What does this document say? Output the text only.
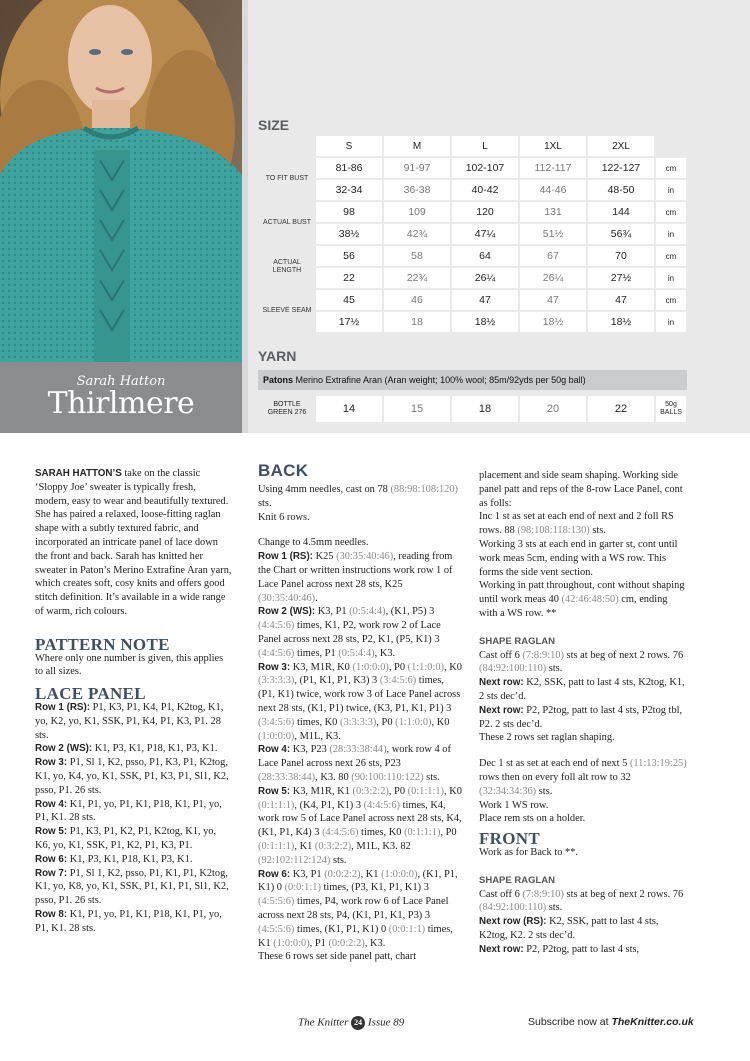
Sarah Hatton
Thirlmere
SIZE
	S	M	L	1XL	2XL	
TO FIT BUST	81-86	91-97	102-107	112-117	122-127	cm
	32-34	36-38	40-42	44-46	48-50	in
ACTUAL BUST	98	109	120	131	144	cm
	38½	42¾	47¼	51½	56¾	in
ACTUAL LENGTH	56	58	64	67	70	cm
	22	22¾	26¼	26¼	27½	in
SLEEVE SEAM	45	46	47	47	47	cm
	17½	18	18½	18½	18½	in
YARN
Patons Merino Extrafine Aran (Aran weight; 100% wool; 85m/92yds per 50g ball)
BOTTLE GREEN 276	14	15	18	20	22	50g BALLS

SARAH HATTON’S take on the classic ‘Sloppy Joe’ sweater is typically fresh, modern, easy to wear and beautifully textured. She has paired a relaxed, loose-fitting raglan shape with a subtly textured fabric, and incorporated an intricate panel of lace down the front and back. Sarah has knitted her sweater in Paton’s Merino Extrafine Aran yarn, which creates soft, cosy knits and offers good stitch definition. It’s available in a wide range of warm, rich colours.

PATTERN NOTE

Where only one number is given, this applies to all sizes.

LACE PANEL

Row 1 (RS): P1, K3, P1, K4, P1, K2tog, K1, yo, K2, yo, K1, SSK, P1, K4, P1, K3, P1. 28 sts.

Row 2 (WS): K1, P3, K1, P18, K1, P3, K1.

Row 3: P1, Sl 1, K2, psso, P1, K3, P1, K2tog, K1, yo, K4, yo, K1, SSK, P1, K3, P1, Sl1, K2, psso, P1. 26 sts.

Row 4: K1, P1, yo, P1, K1, P18, K1, P1, yo, P1, K1. 28 sts.

Row 5: P1, K3, P1, K2, P1, K2tog, K1, yo, K6, yo, K1, SSK, P1, K2, P1, K3, P1.

Row 6: K1, P3, K1, P18, K1, P3, K1.

Row 7: P1, Sl 1, K2, psso, P1, K1, P1, K2tog, K1, yo, K8, yo, K1, SSK, P1, K1, P1, Sl1, K2, psso, P1. 26 sts.

Row 8: K1, P1, yo, P1, K1, P18, K1, P1, yo, P1, K1. 28 sts.

BACK

Using 4mm needles, cast on 78 (88:98:108:120) sts.

Knit 6 rows.

Change to 4.5mm needles.

Row 1 (RS): K25 (30:35:40:46), reading from the Chart or written instructions work row 1 of Lace Panel across next 28 sts, K25 (30:35:40:46).

Row 2 (WS): K3, P1 (0:5:4:4), (K1, P5) 3 (4:4:5:6) times, K1, P2, work row 2 of Lace Panel across next 28 sts, P2, K1, (P5, K1) 3 (4:4:5:6) times, P1 (0:5:4:4), K3.

Row 3: K3, M1R, K0 (1:0:0:0), P0 (1:1:0:0), K0 (3:3:3:3), (P1, K1, P1, K3) 3 (3:4:5:6) times, (P1, K1) twice, work row 3 of Lace Panel across next 28 sts, (K1, P1) twice, (K3, P1, K1, P1) 3 (3:4:5:6) times, K0 (3:3:3:3), P0 (1:1:0:0), K0 (1:0:0:0), M1L, K3.

Row 4: K3, P23 (28:33:38:44), work row 4 of Lace Panel across next 26 sts, P23 (28:33:38:44), K3. 80 (90:100:110:122) sts.

Row 5: K3, M1R, K1 (0:3:2:2), P0 (0:1:1:1), K0 (0:1:1:1), (K4, P1, K1) 3 (4:4:5:6) times, K4, work row 5 of Lace Panel across next 28 sts, K4, (K1, P1, K4) 3 (4:4:5:6) times, K0 (0:1:1:1), P0 (0:1:1:1), K1 (0:3:2:2), M1L, K3. 82 (92:102:112:124) sts.

Row 6: K3, P1 (0:0:2:2), K1 (1:0:0:0), (K1, P1, K1) 0 (0:0:1:1) times, (P3, K1, P1, K1) 3 (4:5:5:6) times, P4, work row 6 of Lace Panel across next 28 sts, P4, (K1, P1, K1, P3) 3 (4:5:5:6) times, (K1, P1, K1) 0 (0:0:1:1) times, K1 (1:0:0:0), P1 (0:0:2:2), K3.

These 6 rows set side panel patt, chart

placement and side seam shaping. Working side panel patt and reps of the 8-row Lace Panel, cont as folls:

Inc 1 st as set at each end of next and 2 foll RS rows. 88 (98:108:118:130) sts.

Working 3 sts at each end in garter st, cont until work meas 5cm, ending with a WS row. This forms the side vent section.

Working in patt throughout, cont without shaping until work meas 40 (42:46:48:50) cm, ending with a WS row. **

SHAPE RAGLAN

Cast off 6 (7:8:9:10) sts at beg of next 2 rows. 76 (84:92:100:110) sts.

Next row: K2, SSK, patt to last 4 sts, K2tog, K1, 2 sts dec’d.

Next row: P2, P2tog, patt to last 4 sts, P2tog tbl, P2. 2 sts dec’d.

These 2 rows set raglan shaping.

Dec 1 st as set at each end of next 5 (11:13:19:25) rows then on every foll alt row to 32 (32:34:34:36) sts.

Work 1 WS row.

Place rem sts on a holder.

FRONT

Work as for Back to **.

SHAPE RAGLAN

Cast off 6 (7:8:9:10) sts at beg of next 2 rows. 76 (84:92:100:110) sts.

Next row (RS): K2, SSK, patt to last 4 sts, K2tog, K2. 2 sts dec’d.

Next row: P2, P2tog, patt to last 4 sts,

The Knitter 24 Issue 89	Subscribe now at TheKnitter.co.uk
